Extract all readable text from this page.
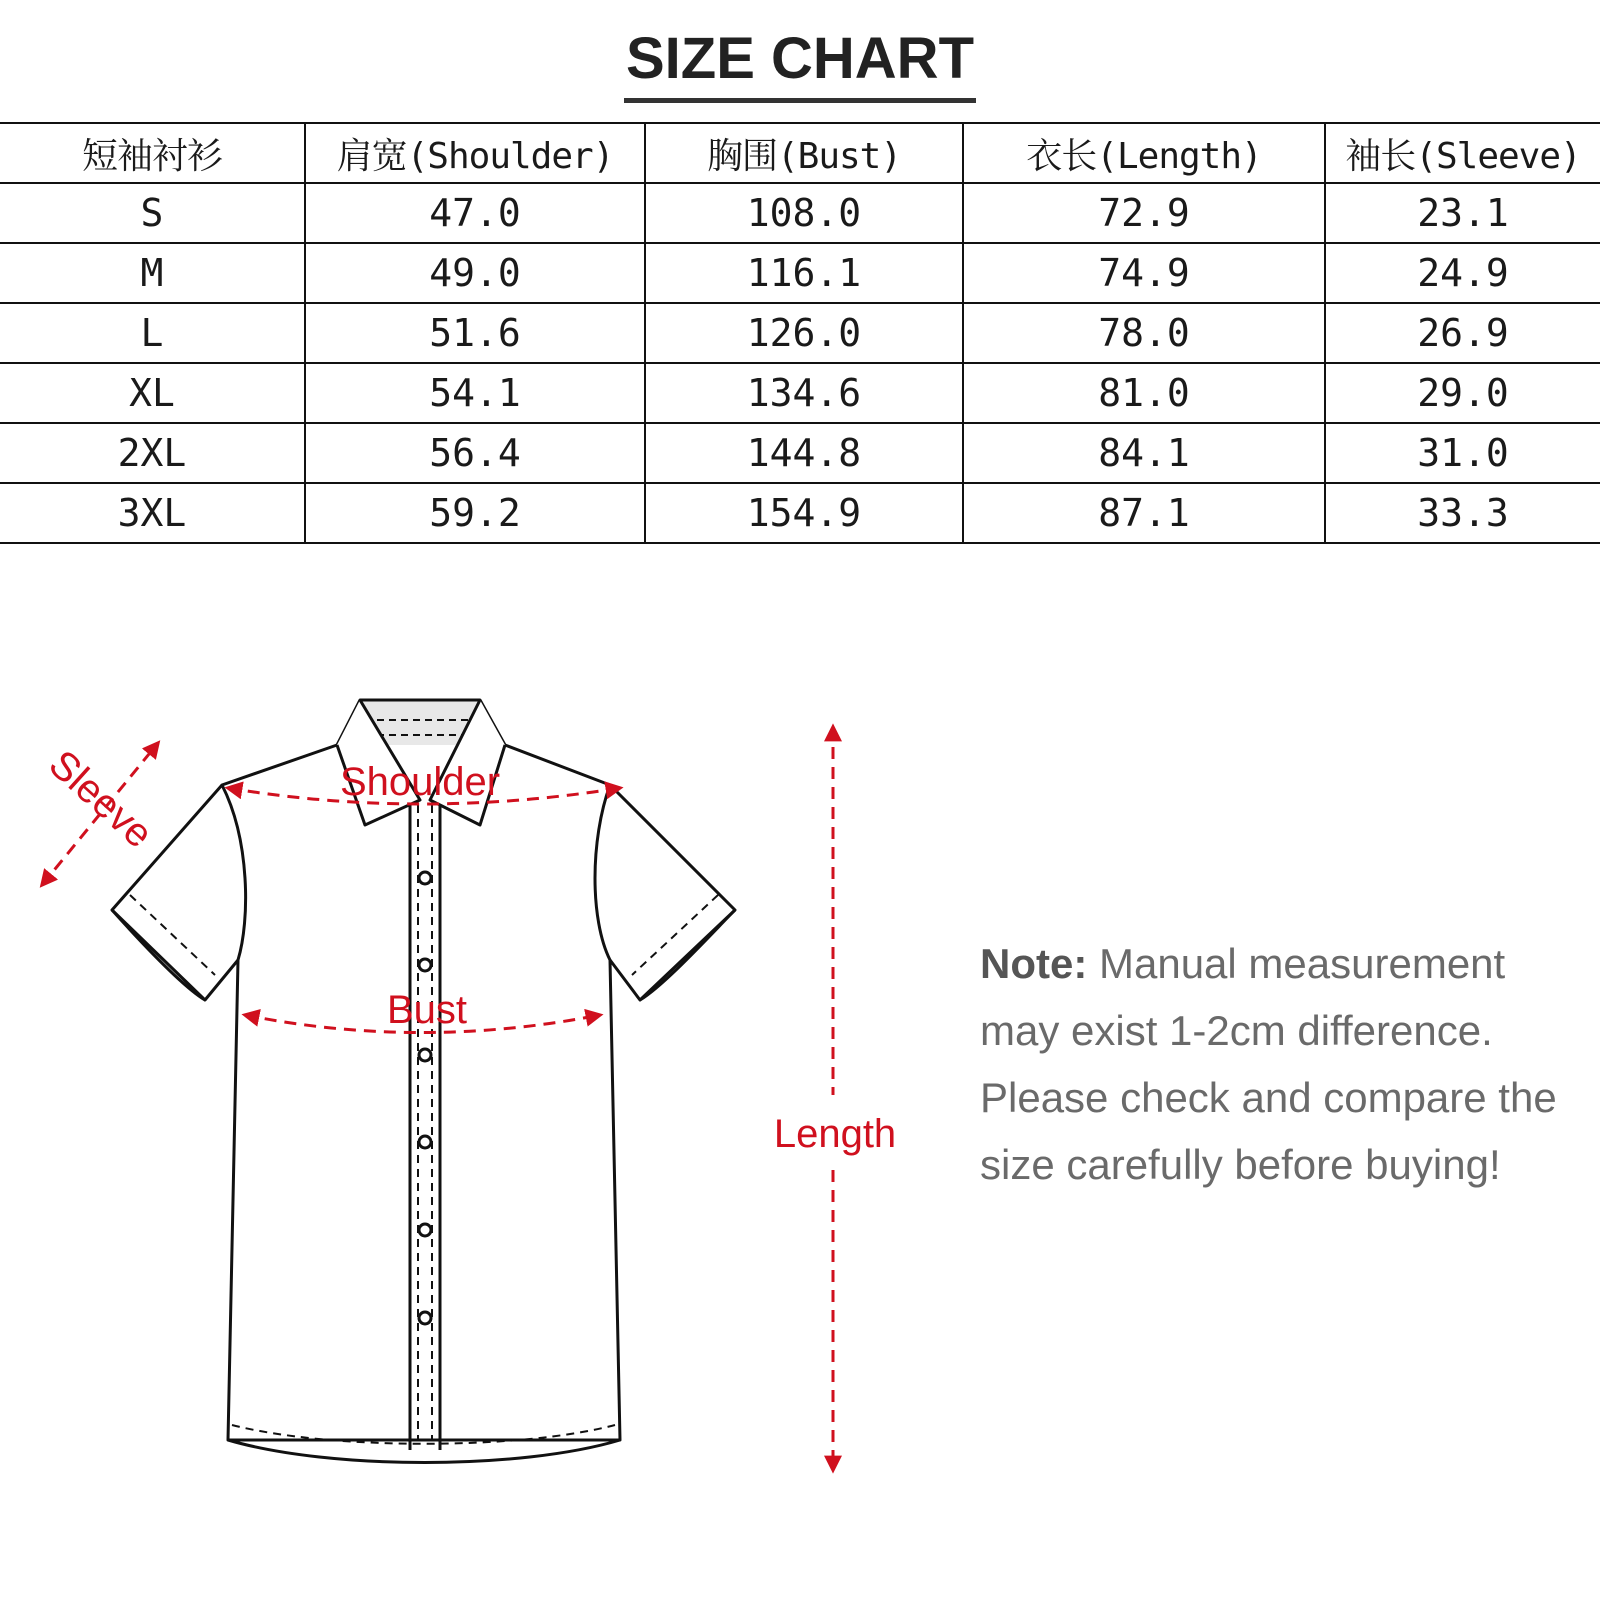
SIZE CHART
短袖衬衫	肩宽(Shoulder)	胸围(Bust)	衣长(Length)	袖长(Sleeve)
S	47.0	108.0	72.9	23.1
M	49.0	116.1	74.9	24.9
L	51.6	126.0	78.0	26.9
XL	54.1	134.6	81.0	29.0
2XL	56.4	144.8	84.1	31.0
3XL	59.2	154.9	87.1	33.3
Shoulder
Bust
Length
Sleeve
Note: Manual measurement may exist 1-2cm difference. Please check and compare the size carefully before buying!
